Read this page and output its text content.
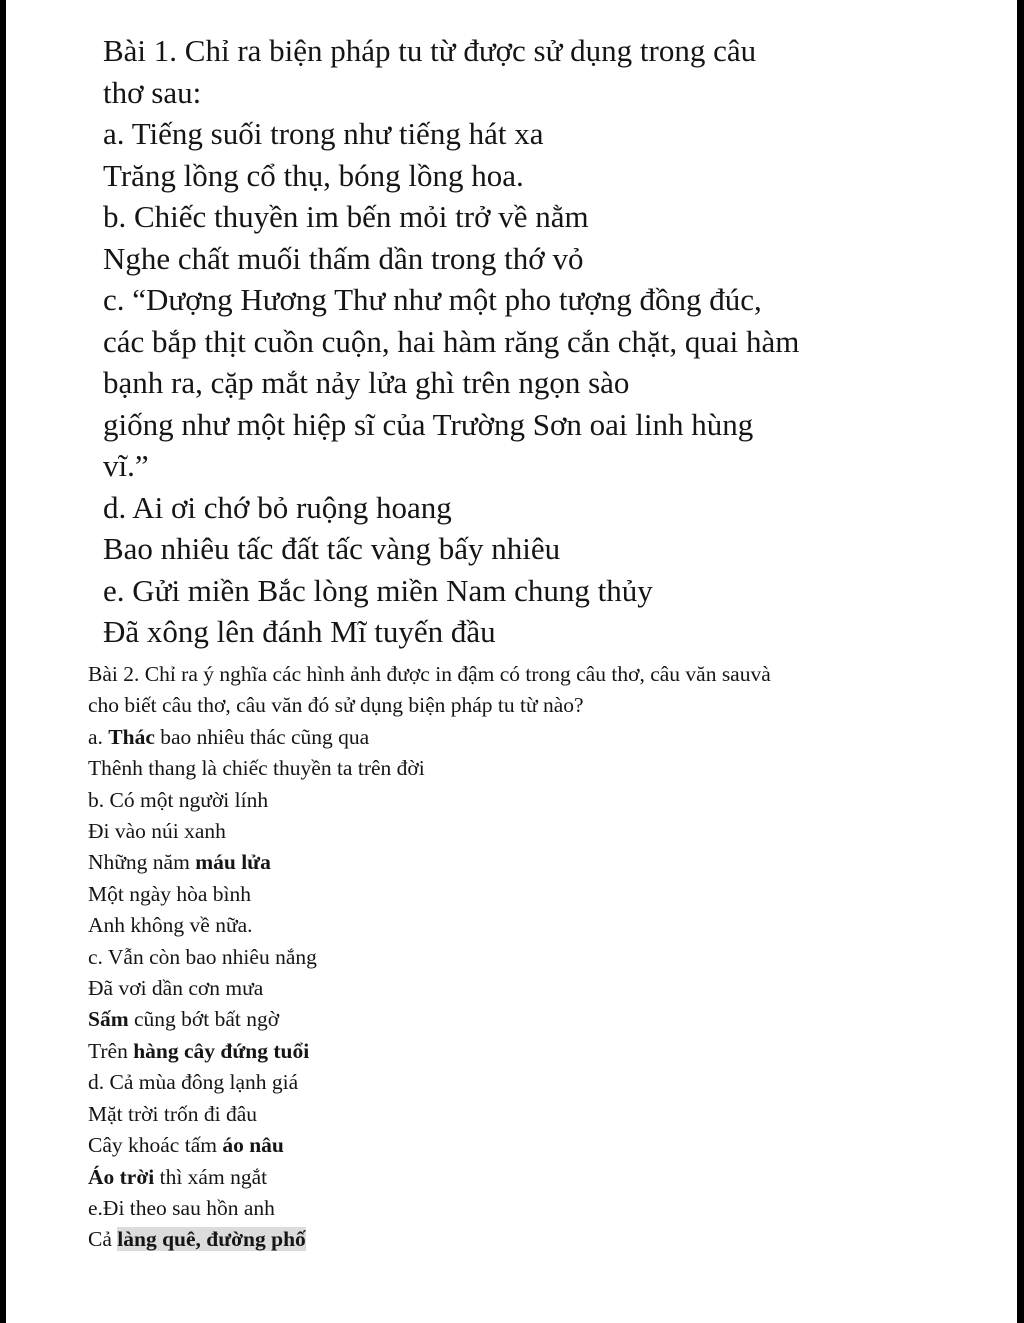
Bài 1. Chỉ ra biện pháp tu từ được sử dụng trong câu
thơ sau:
a. Tiếng suối trong như tiếng hát xa
Trăng lồng cổ thụ, bóng lồng hoa.
b. Chiếc thuyền im bến mỏi trở về nằm
Nghe chất muối thấm dần trong thớ vỏ
c. “Dượng Hương Thư như một pho tượng đồng đúc,
các bắp thịt cuồn cuộn, hai hàm răng cắn chặt, quai hàm
bạnh ra, cặp mắt nảy lửa ghì trên ngọn sào
giống như một hiệp sĩ của Trường Sơn oai linh hùng
vĩ.”
d. Ai ơi chớ bỏ ruộng hoang
Bao nhiêu tấc đất tấc vàng bấy nhiêu
e. Gửi miền Bắc lòng miền Nam chung thủy
Đã xông lên đánh Mĩ tuyến đầu
Bài 2. Chỉ ra ý nghĩa các hình ảnh được in đậm có trong câu thơ, câu văn sauvà
cho biết câu thơ, câu văn đó sử dụng biện pháp tu từ nào?
a. Thác bao nhiêu thác cũng qua
Thênh thang là chiếc thuyền ta trên đời
b. Có một người lính
Đi vào núi xanh
Những năm máu lửa
Một ngày hòa bình
Anh không về nữa.
c. Vẫn còn bao nhiêu nắng
Đã vơi dần cơn mưa
Sấm cũng bớt bất ngờ
Trên hàng cây đứng tuổi
d. Cả mùa đông lạnh giá
Mặt trời trốn đi đâu
Cây khoác tấm áo nâu
Áo trời thì xám ngắt
e.Đi theo sau hồn anh
Cả làng quê, đường phố
